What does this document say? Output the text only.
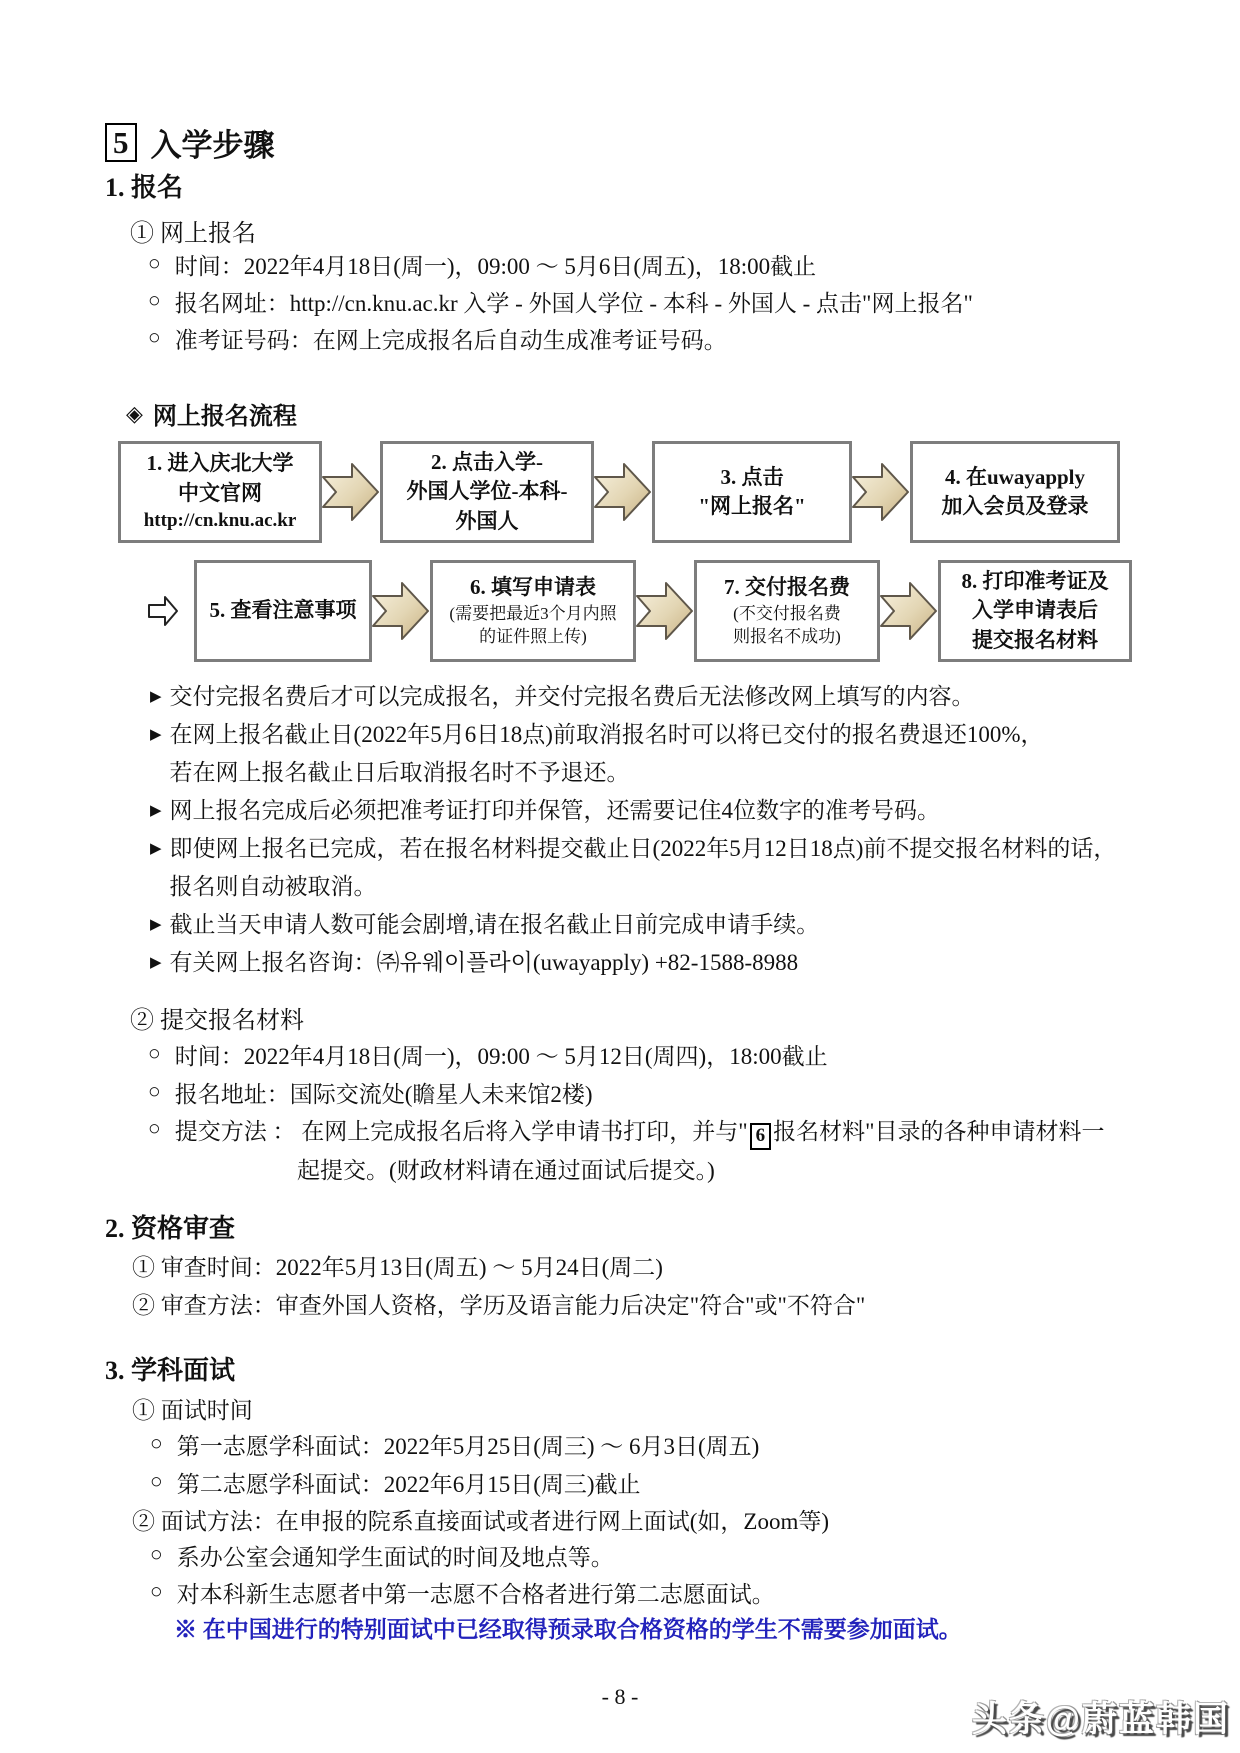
5 入学步骤
1. 报名
① 网上报名
○ 时间：2022年4月18日(周一)，09:00 ～ 5月6日(周五)，18:00截止
○ 报名网址：http://cn.knu.ac.kr 入学 - 外国人学位 - 本科 - 外国人 - 点击"网上报名"
○ 准考证号码：在网上完成报名后自动生成准考证号码。
◈ 网上报名流程
1. 进入庆北大学
中文官网
http://cn.knu.ac.kr
2. 点击入学-
外国人学位-本科-
外国人
3. 点击
"网上报名"
4. 在uwayapply
加入会员及登录
5. 查看注意事项
6. 填写申请表
(需要把最近3个月内照
的证件照上传)
7. 交付报名费
(不交付报名费
则报名不成功)
8. 打印准考证及
入学申请表后
提交报名材料
▶ 交付完报名费后才可以完成报名，并交付完报名费后无法修改网上填写的内容。
▶ 在网上报名截止日(2022年5月6日18点)前取消报名时可以将已交付的报名费退还100%，
若在网上报名截止日后取消报名时不予退还。
▶ 网上报名完成后必须把准考证打印并保管，还需要记住4位数字的准考号码。
▶ 即使网上报名已完成，若在报名材料提交截止日(2022年5月12日18点)前不提交报名材料的话，
报名则自动被取消。
▶ 截止当天申请人数可能会剧增,请在报名截止日前完成申请手续。
▶ 有关网上报名咨询：㈜유웨이플라이(uwayapply) +82-1588-8988
② 提交报名材料
○ 时间：2022年4月18日(周一)，09:00 ～ 5月12日(周四)，18:00截止
○ 报名地址：国际交流处(瞻星人未来馆2楼)
○ 提交方法 ： 在网上完成报名后将入学申请书打印，并与" 6 报名材料"目录的各种申请材料一
起提交。(财政材料请在通过面试后提交。)
2. 资格审查
① 审查时间：2022年5月13日(周五) ～ 5月24日(周二)
② 审查方法：审查外国人资格，学历及语言能力后决定"符合"或"不符合"
3. 学科面试
① 面试时间
○ 第一志愿学科面试：2022年5月25日(周三) ～ 6月3日(周五)
○ 第二志愿学科面试：2022年6月15日(周三)截止
② 面试方法：在申报的院系直接面试或者进行网上面试(如，Zoom等)
○ 系办公室会通知学生面试的时间及地点等。
○ 对本科新生志愿者中第一志愿不合格者进行第二志愿面试。
※ 在中国进行的特别面试中已经取得预录取合格资格的学生不需要参加面试。
- 8 -
头条@蔚蓝韩国
